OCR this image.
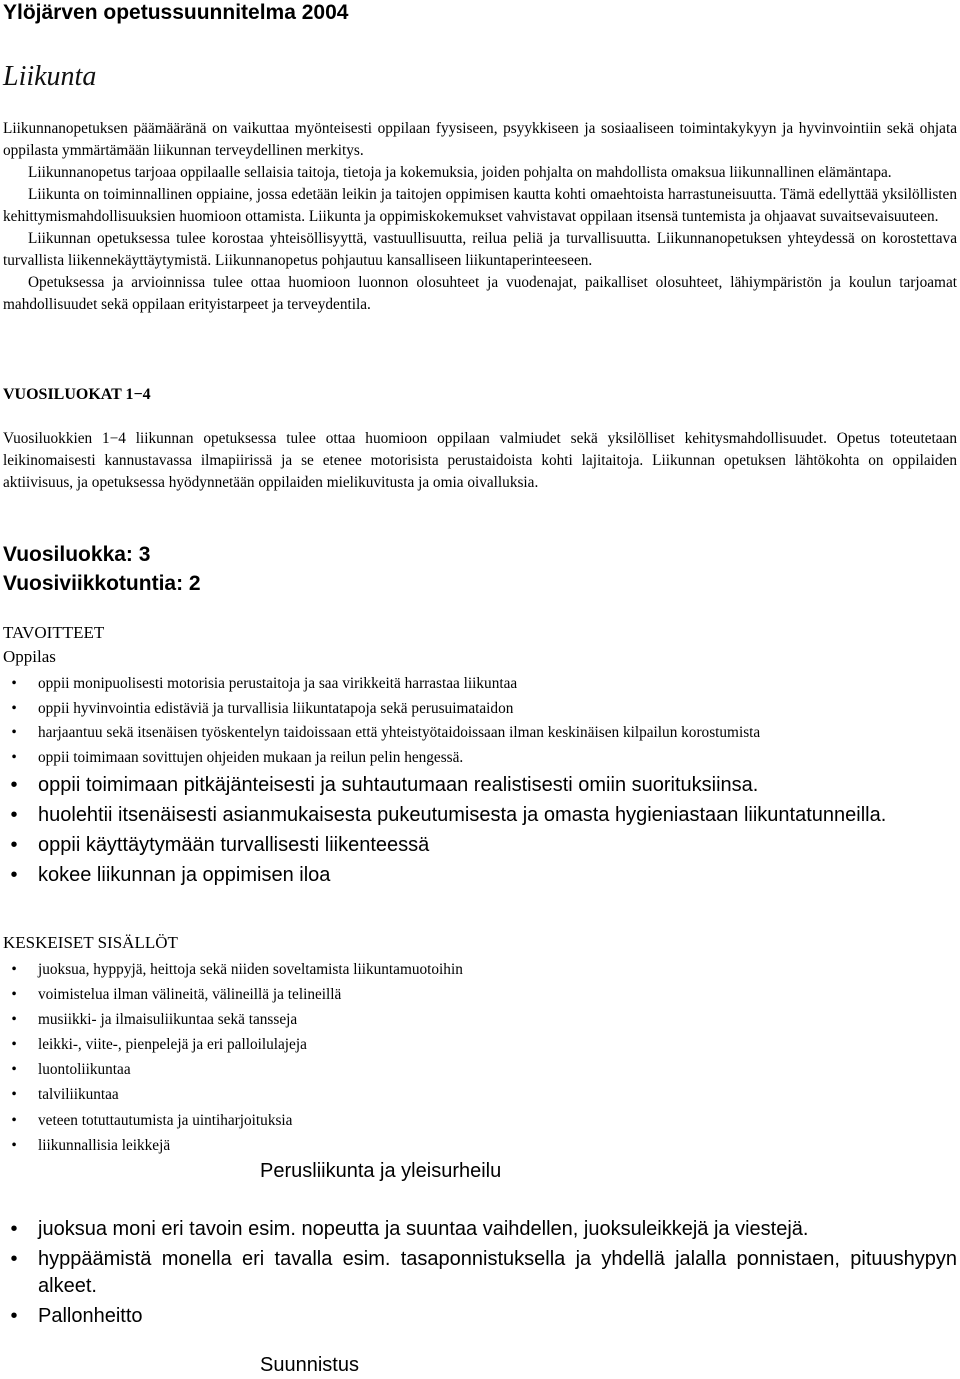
Ylöjärven opetussuunnitelma 2004
Liikunta
Liikunnanopetuksen päämääränä on vaikuttaa myönteisesti oppilaan fyysiseen, psyykkiseen ja sosiaaliseen toimintakykyyn ja hyvinvointiin sekä ohjata oppilasta ymmärtämään liikunnan terveydellinen merkitys.
Liikunnanopetus tarjoaa oppilaalle sellaisia taitoja, tietoja ja kokemuksia, joiden pohjalta on mahdollista omaksua liikunnallinen elämäntapa.
Liikunta on toiminnallinen oppiaine, jossa edetään leikin ja taitojen oppimisen kautta kohti omaehtoista harrastuneisuutta. Tämä edellyttää yksilöllisten kehittymismahdollisuuksien huomioon ottamista. Liikunta ja oppimiskokemukset vahvistavat oppilaan itsensä tuntemista ja ohjaavat suvaitsevaisuuteen.
Liikunnan opetuksessa tulee korostaa yhteisöllisyyttä, vastuullisuutta, reilua peliä ja turvallisuutta. Liikunnanopetuksen yhteydessä on korostettava turvallista liikennekäyttäytymistä. Liikunnanopetus pohjautuu kansalliseen liikuntaperinteeseen.
Opetuksessa ja arvioinnissa tulee ottaa huomioon luonnon olosuhteet ja vuodenajat, paikalliset olosuhteet, lähiympäristön ja koulun tarjoamat mahdollisuudet sekä oppilaan erityistarpeet ja terveydentila.
VUOSILUOKAT 1−4
Vuosiluokkien 1−4 liikunnan opetuksessa tulee ottaa huomioon oppilaan valmiudet sekä yksilölliset kehitysmahdollisuudet. Opetus toteutetaan leikinomaisesti kannustavassa ilmapiirissä ja se etenee motorisista perustaidoista kohti lajitaitoja. Liikunnan opetuksen lähtökohta on oppilaiden aktiivisuus, ja opetuksessa hyödynnetään oppilaiden mielikuvitusta ja omia oivalluksia.
Vuosiluokka: 3
Vuosiviikkotuntia: 2
TAVOITTEET
Oppilas
• oppii monipuolisesti motorisia perustaitoja ja saa virikkeitä harrastaa liikuntaa
• oppii hyvinvointia edistäviä ja turvallisia liikuntatapoja sekä perusuimataidon
• harjaantuu sekä itsenäisen työskentelyn taidoissaan että yhteistyötaidoissaan ilman keskinäisen kilpailun korostumista
• oppii toimimaan sovittujen ohjeiden mukaan ja reilun pelin hengessä.
• oppii toimimaan pitkäjänteisesti ja suhtautumaan realistisesti omiin suorituksiinsa.
• huolehtii itsenäisesti asianmukaisesta pukeutumisesta ja omasta hygieniastaan liikuntatunneilla.
• oppii käyttäytymään turvallisesti liikenteessä
• kokee liikunnan ja oppimisen iloa
KESKEISET SISÄLLÖT
• juoksua, hyppyjä, heittoja sekä niiden soveltamista liikuntamuotoihin
• voimistelua ilman välineitä, välineillä ja telineillä
• musiikki- ja ilmaisuliikuntaa sekä tansseja
• leikki-, viite-, pienpelejä ja eri palloilulajeja
• luontoliikuntaa
• talviliikuntaa
• veteen totuttautumista ja uintiharjoituksia
• liikunnallisia leikkejä
Perusliikunta ja yleisurheilu
• juoksua moni eri tavoin esim. nopeutta ja suuntaa vaihdellen, juoksuleikkejä ja viestejä.
• hyppäämistä monella eri tavalla esim. tasaponnistuksella ja yhdellä jalalla ponnistaen, pituushypyn alkeet.
• Pallonheitto
Suunnistus
